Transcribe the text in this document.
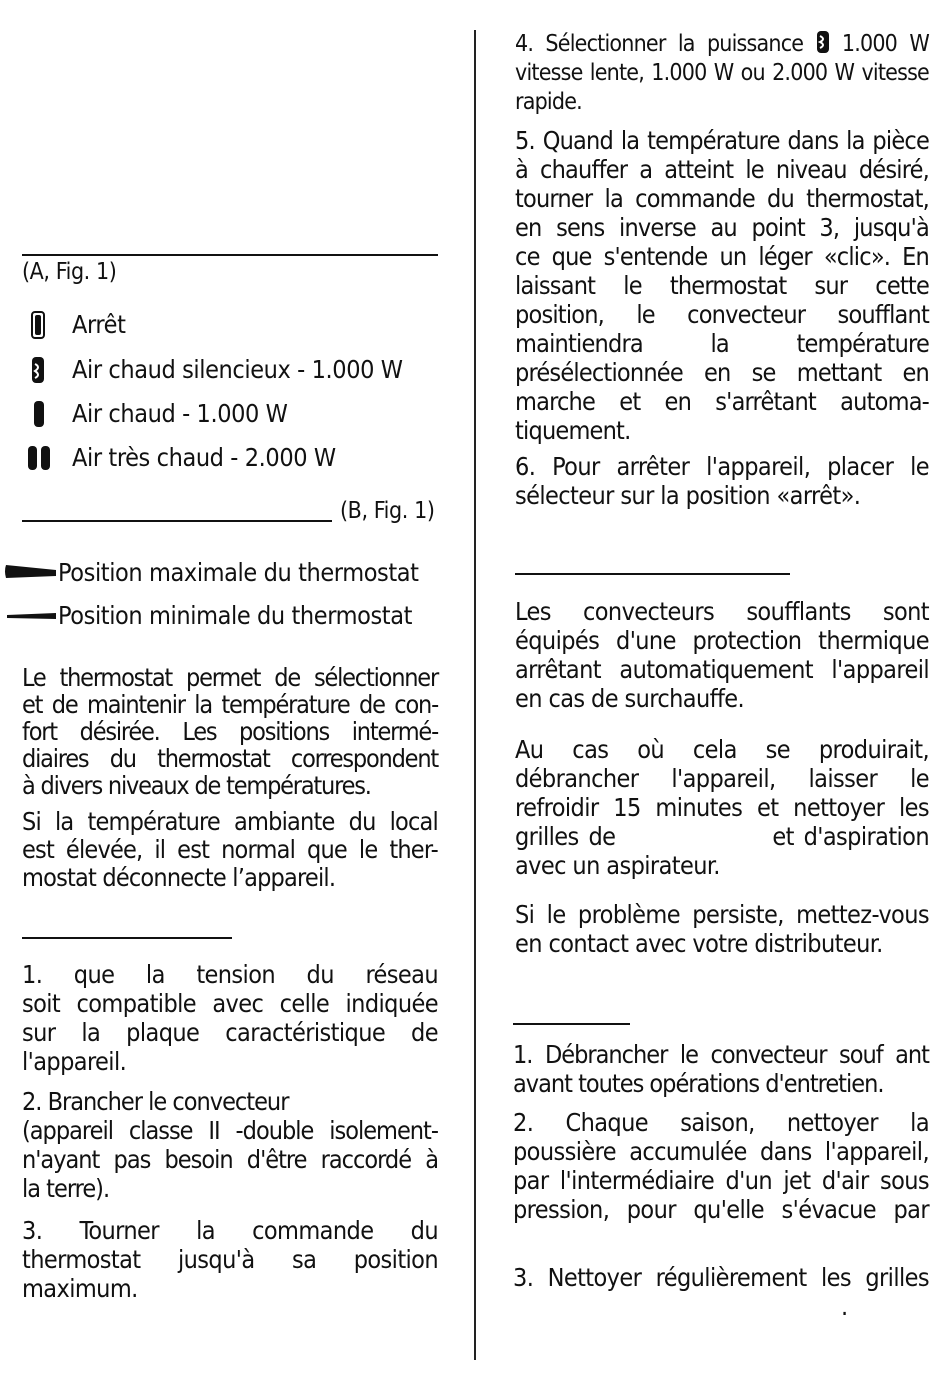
(A, Fig. 1)
Arrêt
Air chaud silencieux - 1.000 W
Air chaud - 1.000 W
Air très chaud - 2.000 W
(B, Fig. 1)
Position maximale du thermostat
Position minimale du thermostat
Le thermostat permet de sélectionner
et de maintenir la température de con-
fort désirée. Les positions intermé-
diaires du thermostat correspondent
à divers niveaux de températures.
Si la température ambiante du local
est élevée, il est normal que le ther-
mostat déconnecte l’appareil.
1. que la tension du réseau
soit compatible avec celle indiquée
sur la plaque caractéristique de
l'appareil.
2. Brancher le convecteur
(appareil classe II -double isolement-
n'ayant pas besoin d'être raccordé à
la terre).
3. Tourner la commande du
thermostat jusqu'à sa position
maximum.
4. Sélectionner la puissance 1.000 W
vitesse lente, 1.000 W ou 2.000 W vitesse
rapide.
5. Quand la température dans la pièce
à chauffer a atteint le niveau désiré,
tourner la commande du thermostat,
en sens inverse au point 3, jusqu'à
ce que s'entende un léger «clic». En
laissant le thermostat sur cette
position, le convecteur soufflant
maintiendra la température
présélectionnée en se mettant en
marche et en s'arrêtant automa-
tiquement.
6. Pour arrêter l'appareil, placer le
sélecteur sur la position «arrêt».
Les convecteurs soufflants sont
équipés d'une protection thermique
arrêtant automatiquement l'appareil
en cas de surchauffe.
Au cas où cela se produirait,
débrancher l'appareil, laisser le
refroidir 15 minutes et nettoyer les
grilles de                et d'aspiration
avec un aspirateur.
Si le problème persiste, mettez-vous
en contact avec votre distributeur.
1. Débrancher le convecteur souf ant
avant toutes opérations d'entretien.
2. Chaque saison, nettoyer la
poussière accumulée dans l'appareil,
par l'intermédiaire d'un jet d'air sous
pression, pour qu'elle s'évacue par
3. Nettoyer régulièrement les grilles
.
